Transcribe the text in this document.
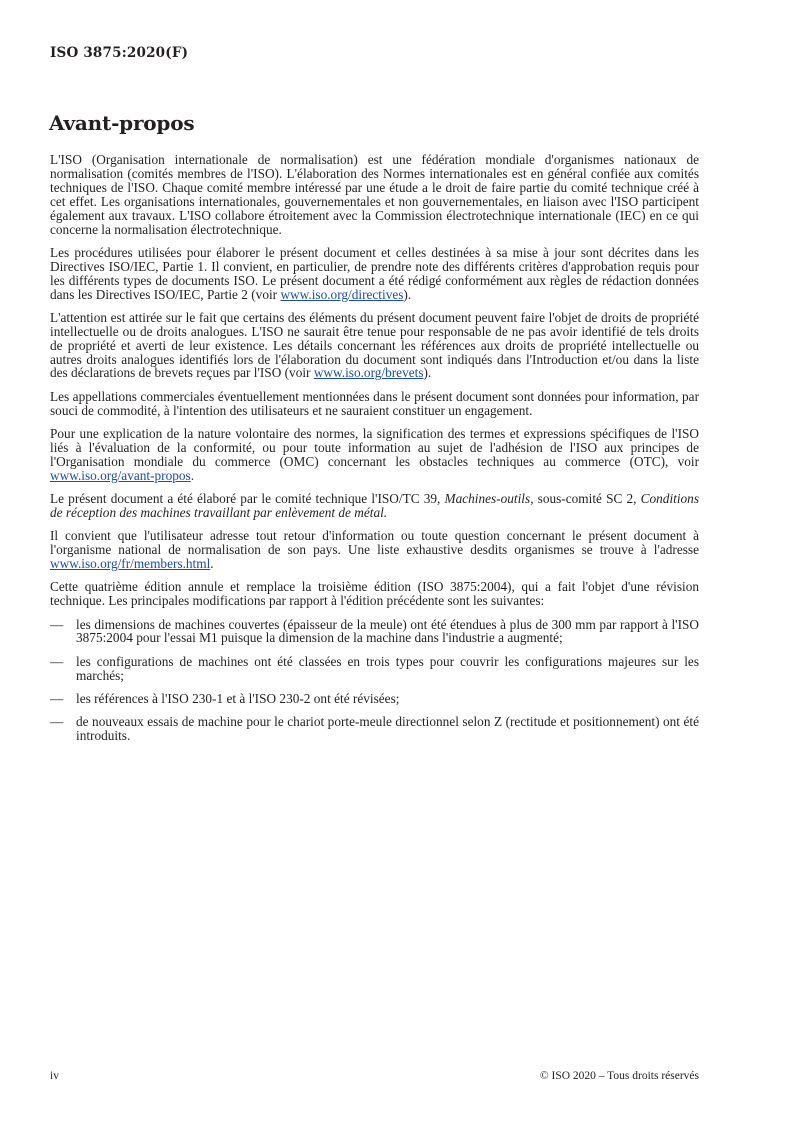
ISO 3875:2020(F)
Avant-propos

L'ISO (Organisation internationale de normalisation) est une fédération mondiale d'organismes nationaux de normalisation (comités membres de l'ISO). L'élaboration des Normes internationales est en général confiée aux comités techniques de l'ISO. Chaque comité membre intéressé par une étude a le droit de faire partie du comité technique créé à cet effet. Les organisations internationales, gouvernementales et non gouvernementales, en liaison avec l'ISO participent également aux travaux. L'ISO collabore étroitement avec la Commission électrotechnique internationale (IEC) en ce qui concerne la normalisation électrotechnique.

Les procédures utilisées pour élaborer le présent document et celles destinées à sa mise à jour sont décrites dans les Directives ISO/IEC, Partie 1. Il convient, en particulier, de prendre note des différents critères d'approbation requis pour les différents types de documents ISO. Le présent document a été rédigé conformément aux règles de rédaction données dans les Directives ISO/IEC, Partie 2 (voir www.iso.org/directives).

L'attention est attirée sur le fait que certains des éléments du présent document peuvent faire l'objet de droits de propriété intellectuelle ou de droits analogues. L'ISO ne saurait être tenue pour responsable de ne pas avoir identifié de tels droits de propriété et averti de leur existence. Les détails concernant les références aux droits de propriété intellectuelle ou autres droits analogues identifiés lors de l'élaboration du document sont indiqués dans l'Introduction et/ou dans la liste des déclarations de brevets reçues par l'ISO (voir www.iso.org/brevets).

Les appellations commerciales éventuellement mentionnées dans le présent document sont données pour information, par souci de commodité, à l'intention des utilisateurs et ne sauraient constituer un engagement.

Pour une explication de la nature volontaire des normes, la signification des termes et expressions spécifiques de l'ISO liés à l'évaluation de la conformité, ou pour toute information au sujet de l'adhésion de l'ISO aux principes de l'Organisation mondiale du commerce (OMC) concernant les obstacles techniques au commerce (OTC), voir www.iso.org/avant-propos.

Le présent document a été élaboré par le comité technique l'ISO/TC 39, Machines-outils, sous-comité SC 2, Conditions de réception des machines travaillant par enlèvement de métal.

Il convient que l'utilisateur adresse tout retour d'information ou toute question concernant le présent document à l'organisme national de normalisation de son pays. Une liste exhaustive desdits organismes se trouve à l'adresse www.iso.org/fr/members.html.

Cette quatrième édition annule et remplace la troisième édition (ISO 3875:2004), qui a fait l'objet d'une révision technique. Les principales modifications par rapport à l'édition précédente sont les suivantes:

— les dimensions de machines couvertes (épaisseur de la meule) ont été étendues à plus de 300 mm par rapport à l'ISO 3875:2004 pour l'essai M1 puisque la dimension de la machine dans l'industrie a augmenté;
— les configurations de machines ont été classées en trois types pour couvrir les configurations majeures sur les marchés;
— les références à l'ISO 230-1 et à l'ISO 230-2 ont été révisées;
— de nouveaux essais de machine pour le chariot porte-meule directionnel selon Z (rectitude et positionnement) ont été introduits.
iv	© ISO 2020 – Tous droits réservés
